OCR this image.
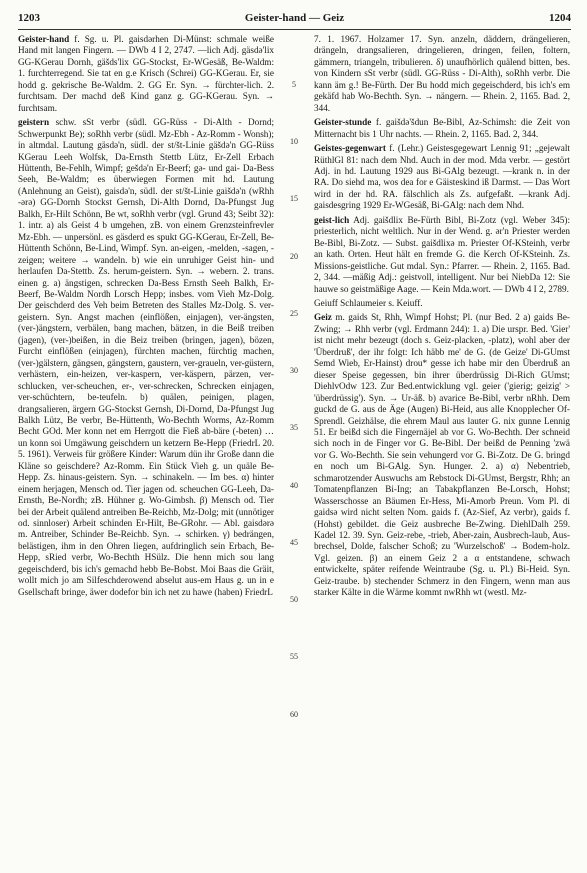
1203	Geister-hand — Geiz	1204

Geister-hand f. Sg. u. Pl. gaisdǝrhen Di-Münst: schmale weiße Hand mit langen Fingern. — DWb 4 I 2, 2747. —lich Adj. gäsdǝ'lix GG-KGerau Dornh, gäšds'lix GG-Stockst, Er-WGesäß, Be-Waldm: 1. furchterregend. Sie tat en g.e Krisch (Schrei) GG-KGerau. Er, sie hodd g. gekrische Be-Waldm. 2. GG Er. Syn. → fürchter-lich. 2. furchtsam. Der machd deß Kind ganz g. GG-KGerau. Syn. → furchtsam.

geistern schw. sSt verbr (südl. GG-Rüss - Di-Alth - Dornd; Schwerpunkt Be); soRhh verbr (südl. Mz-Ebh - Az-Romm - Wonsh); in altmdal. Lautung gäsdǝ'n, südl. der st/št-Linie gäšdǝ'n GG-Rüss KGerau Leeh Wolfsk, Da-Ernsth Stettb Lütz, Er-Zell Erbach Hüttenth, Be-Fehlh, Wimpf; gešdǝ'n Er-Beerf; gǝ- und gai- Da-Bess Seeh, Be-Waldm; es überwiegen Formen mit hd. Lautung (Anlehnung an Geist), gaisdǝ'n, südl. der st/št-Linie gaišdǝ'n (wRhh -ǝrǝ) GG-Dornh Stockst Gernsh, Di-Alth Dornd, Da-Pfungst Jug Balkh, Er-Hilt Schönn, Be wt, soRhh verbr (vgl. Grund 43; Seibt 32): 1. intr. a) als Geist 4 b umgehen, zB. von einem Grenzsteinfrevler Mz-Ebh. — unpersönl. es gäsderd es spukt GG-KGerau, Er-Zell, Be-Hüttenth Schönn, Be-Lind, Wimpf. Syn. an-eigen, -melden, -sagen, -zeigen; weitere → wandeln. b) wie ein unruhiger Geist hin- und herlaufen Da-Stettb. Zs. herum-geistern. Syn. → webern. 2. trans. einen g. a) ängstigen, schrecken Da-Bess Ernsth Seeh Balkh, Er-Beerf, Be-Waldm Nordh Lorsch Hepp; insbes. vom Vieh Mz-Dolg. Der geischderd des Veh beim Betreten des Stalles Mz-Dolg. S. ver-geistern. Syn. Angst machen (einflößen, einjagen), ver-ängsten, (ver-)ängstern, verbälen, bang machen, bätzen, in die Beiß treiben (jagen), (ver-)beißen, in die Beiz treiben (bringen, jagen), bözen, Furcht einflößen (einjagen), fürchten machen, fürchtig machen, (ver-)gälstern, gängsen, gängstern, gaustern, ver-graueln, ver-güstern, verhästern, ein-heizen, ver-kaspern, ver-käspern, pärzen, ver-schlucken, ver-scheuchen, er-, ver-schrecken, Schrecken einjagen, ver-schüchtern, be-teufeln. b) quälen, peinigen, plagen, drangsalieren, ärgern GG-Stockst Gernsh, Di-Dornd, Da-Pfungst Jug Balkh Lütz, Be verbr, Be-Hüttenth, Wo-Bechth Worms, Az-Romm Becht GOd. Mer konn net em Herrgott die Fieß ab-bäre (-beten) … un konn soi Umgäwung geischdern un ketzern Be-Hepp (FriedrL 20. 5. 1961). Verweis für größere Kinder: Warum dün ihr Große dann die Kläne so geischdere? Az-Romm. Ein Stück Vieh g. un quäle Be-Hepp. Zs. hinaus-geistern. Syn. → schinakeln. — Im bes. α) hinter einem herjagen, Mensch od. Tier jagen od. scheuchen GG-Leeh, Da-Ernsth, Be-Nordh; zB. Hühner g. Wo-Gimbsh. β) Mensch od. Tier bei der Arbeit quälend antreiben Be-Reichb, Mz-Dolg; mit (unnötiger od. sinnloser) Arbeit schinden Er-Hilt, Be-GRohr. — Abl. gaisdǝrǝ m. Antreiber, Schinder Be-Reichb. Syn. → schirken. γ) bedrängen, belästigen, ihm in den Ohren liegen, aufdringlich sein Erbach, Be-Hepp, sRied verbr, Wo-Bechth HSülz. Die henn mich sou lang gegeischderd, bis ich's gemachd hebb Be-Bobst. Moi Baas die Gräit, wollt mich jo am Silfeschderowend abselut aus-em Haus g. un in e Gsellschaft bringe, äwer dodefor bin ich net zu hawe (haben) FriedrL

7. 1. 1967. Holzamer 17. Syn. anzeln, däddern, drängelieren, drängeln, drangsalieren, dringelieren, dringen, feilen, foltern, gämmern, triangeln, tribulieren. δ) unaufhörlich quälend bitten, bes. von Kindern sSt verbr (südl. GG-Rüss - Di-Alth), soRhh verbr. Die kann äm g.! Be-Fürth. Der Bu hodd mich gegeischderd, bis ich's em gekäfd hab Wo-Bechth. Syn. → nängern. — Rhein. 2, 1165. Bad. 2, 344.

Geister-stunde f. gaišdǝ'šdun Be-Bibl, Az-Schimsh: die Zeit von Mitternacht bis 1 Uhr nachts. — Rhein. 2, 1165. Bad. 2, 344.

Geistes-gegenwart f. (Lehr.) Geistesgegewart Lennig 91; „gejewalt RüthlGl 81: nach dem Nhd. Auch in der mod. Mda verbr. — gestört Adj. in hd. Lautung 1929 aus Bi-GAlg bezeugt. —krank n. in der RA. Do siehd ma, wos dea for e Gäisteskind iß Darmst. — Das Wort wird in der hd. RA. fälschlich als Zs. aufgefaßt. —krank Adj. gaisdesgring 1929 Er-WGesäß, Bi-GAlg: nach dem Nhd.

geist-lich Adj. gaišdlix Be-Fürth Bibl, Bi-Zotz (vgl. Weber 345): priesterlich, nicht weltlich. Nur in der Wend. g. ǝr'n Priester werden Be-Bibl, Bi-Zotz. — Subst. gaišdlixǝ m. Priester Of-KSteinh, verbr an kath. Orten. Heut hält en fremde G. die Kerch Of-KSteinh. Zs. Missions-geistliche. Gut mdal. Syn.: Pfarrer. — Rhein. 2, 1165. Bad. 2, 344. —mäßig Adj.: geistvoll, intelligent. Nur bei NiebDa 12: Sie hauwe so geistmäßige Aage. — Kein Mda.wort. — DWb 4 I 2, 2789.

Geiuff Schlaumeier s. Keiuff.

Geiz m. gaids St, Rhh, Wimpf Hohst; Pl. (nur Bed. 2 a) gaids Be-Zwing; → Rhh verbr (vgl. Erdmann 244): 1. a) Die urspr. Bed. 'Gier' ist nicht mehr bezeugt (doch s. Geiz-placken, -platz), wohl aber der 'Überdruß', der ihr folgt: Ich häbb me' de G. (de Geize' Di-GUmst Semd Wieb, Er-Hainst) drou* gesse ich habe mir den Überdruß an dieser Speise gegessen, bin ihrer überdrüssig Di-Rich GUmst; DiehlvOdw 123. Zur Bed.entwicklung vgl. geier ('gierig; geizig' > 'überdrüssig'). Syn. → Ur-äß. b) avarice Be-Bibl, verbr nRhh. Dem guckd de G. aus de Äge (Augen) Bi-Heid, aus alle Knopplecher Of-Sprendl. Geizhälse, die ehrem Maul aus lauter G. nix gunne Lennig 51. Er beißd sich die Fingernäjel ab vor G. Wo-Bechth. Der schneid sich noch in de Finger vor G. Be-Bibl. Der beißd de Penning 'zwä vor G. Wo-Bechth. Sie sein vehungerd vor G. Bi-Zotz. De G. bringd en noch um Bi-GAlg. Syn. Hunger. 2. a) α) Nebentrieb, schmarotzender Auswuchs am Rebstock Di-GUmst, Bergstr, Rhh; an Tomatenpflanzen Bi-Ing; an Tabakpflanzen Be-Lorsch, Hohst; Wasserschosse an Bäumen Er-Hess, Mi-Amorb Preun. Vom Pl. di gaidsǝ wird nicht selten Nom. gaids f. (Az-Sief, Az verbr), gaids f. (Hohst) gebildet. die Geiz ausbreche Be-Zwing. DiehlDalh 259. Kadel 12. 39. Syn. Geiz-rebe, -trieb, Aber-zain, Ausbrech-laub, Aus-brechsel, Dolde, falscher Schoß; zu 'Wurzelschoß' → Bodem-holz. Vgl. geizen. β) an einem Geiz 2 a α entstandene, schwach entwickelte, später reifende Weintraube (Sg. u. Pl.) Bi-Heid. Syn. Geiz-traube. b) stechender Schmerz in den Fingern, wenn man aus starker Kälte in die Wärme kommt nwRhh wt (westl. Mz-

5
10
15
20
25
30
35
40
45
50
55
60
